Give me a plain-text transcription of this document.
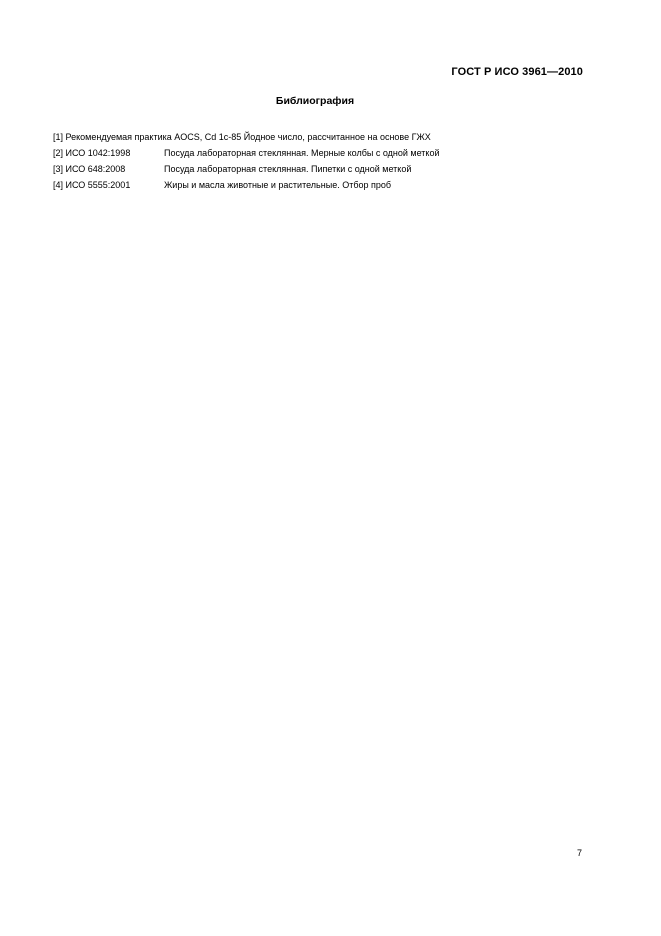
ГОСТ Р ИСО 3961—2010
Библиография
[1] Рекомендуемая практика AOCS, Cd 1c-85 Йодное число, рассчитанное на основе ГЖХ
[2] ИСО 1042:1998	Посуда лабораторная стеклянная. Мерные колбы с одной меткой
[3] ИСО 648:2008	Посуда лабораторная стеклянная. Пипетки с одной меткой
[4] ИСО 5555:2001	Жиры и масла животные и растительные. Отбор проб
7
